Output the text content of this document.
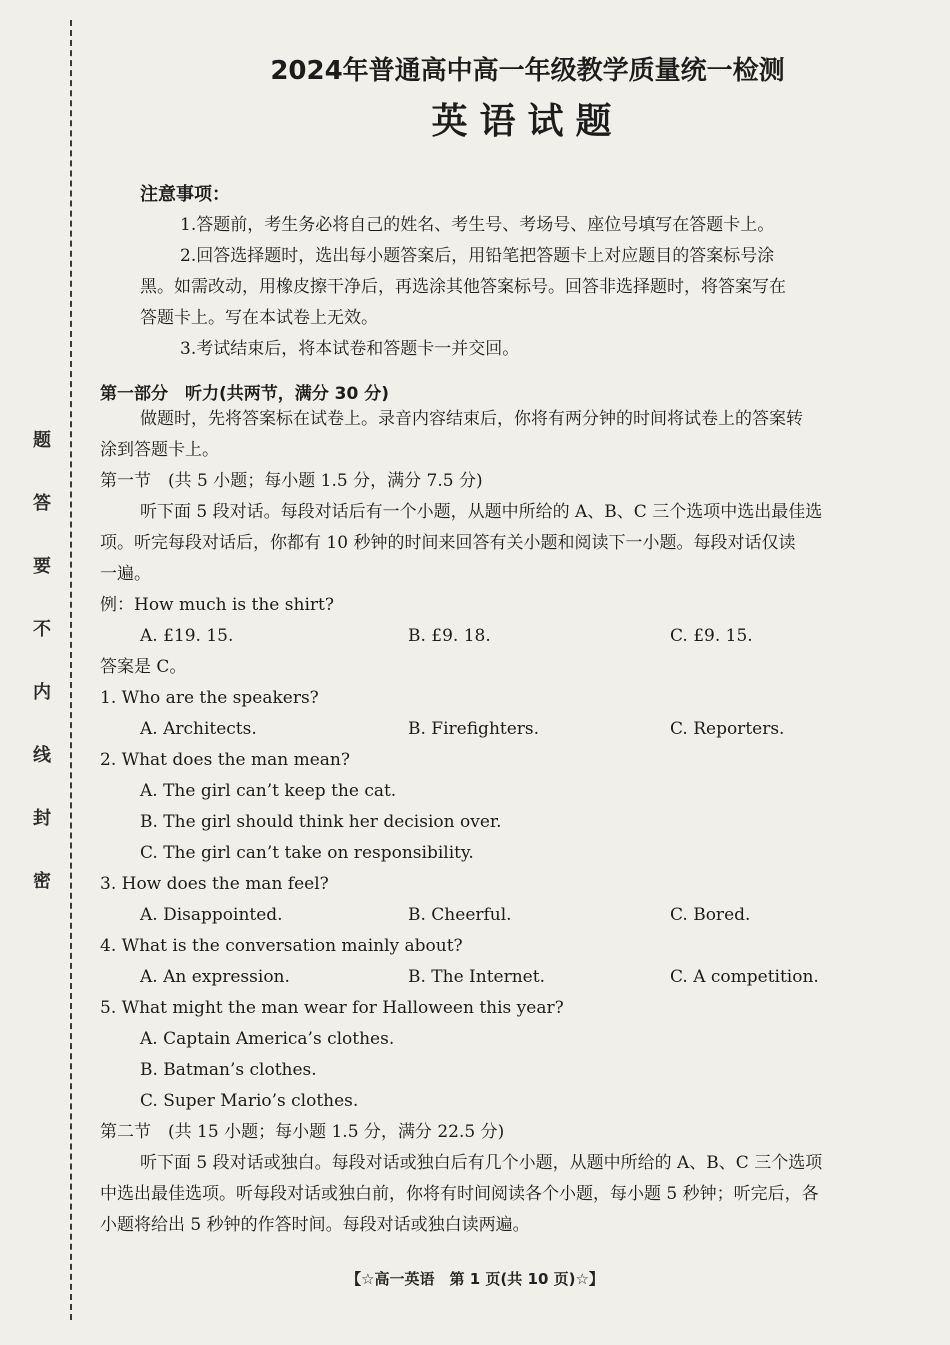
题
答
要
不
内
线
封
密
2024年普通高中高一年级教学质量统一检测
英语试题
注意事项：

1.答题前，考生务必将自己的姓名、考生号、考场号、座位号填写在答题卡上。

2.回答选择题时，选出每小题答案后，用铅笔把答题卡上对应题目的答案标号涂

黑。如需改动，用橡皮擦干净后，再选涂其他答案标号。回答非选择题时，将答案写在

答题卡上。写在本试卷上无效。

3.考试结束后，将本试卷和答题卡一并交回。

第一部分　听力(共两节，满分 30 分)

做题时，先将答案标在试卷上。录音内容结束后，你将有两分钟的时间将试卷上的答案转

涂到答题卡上。

第一节　(共 5 小题；每小题 1.5 分，满分 7.5 分)

听下面 5 段对话。每段对话后有一个小题，从题中所给的 A、B、C 三个选项中选出最佳选

项。听完每段对话后，你都有 10 秒钟的时间来回答有关小题和阅读下一小题。每段对话仅读

一遍。

例：How much is the shirt?

A. £19. 15.	B. £9. 18.	C. £9. 15.

答案是 C。

1. Who are the speakers?

A. Architects.	B. Firefighters.	C. Reporters.

2. What does the man mean?

A. The girl can’t keep the cat.

B. The girl should think her decision over.

C. The girl can’t take on responsibility.

3. How does the man feel?

A. Disappointed.	B. Cheerful.	C. Bored.

4. What is the conversation mainly about?

A. An expression.	B. The Internet.	C. A competition.

5. What might the man wear for Halloween this year?

A. Captain America’s clothes.

B. Batman’s clothes.

C. Super Mario’s clothes.

第二节　(共 15 小题；每小题 1.5 分，满分 22.5 分)

听下面 5 段对话或独白。每段对话或独白后有几个小题，从题中所给的 A、B、C 三个选项

中选出最佳选项。听每段对话或独白前，你将有时间阅读各个小题，每小题 5 秒钟；听完后，各

小题将给出 5 秒钟的作答时间。每段对话或独白读两遍。

【☆高一英语　第 1 页(共 10 页)☆】
